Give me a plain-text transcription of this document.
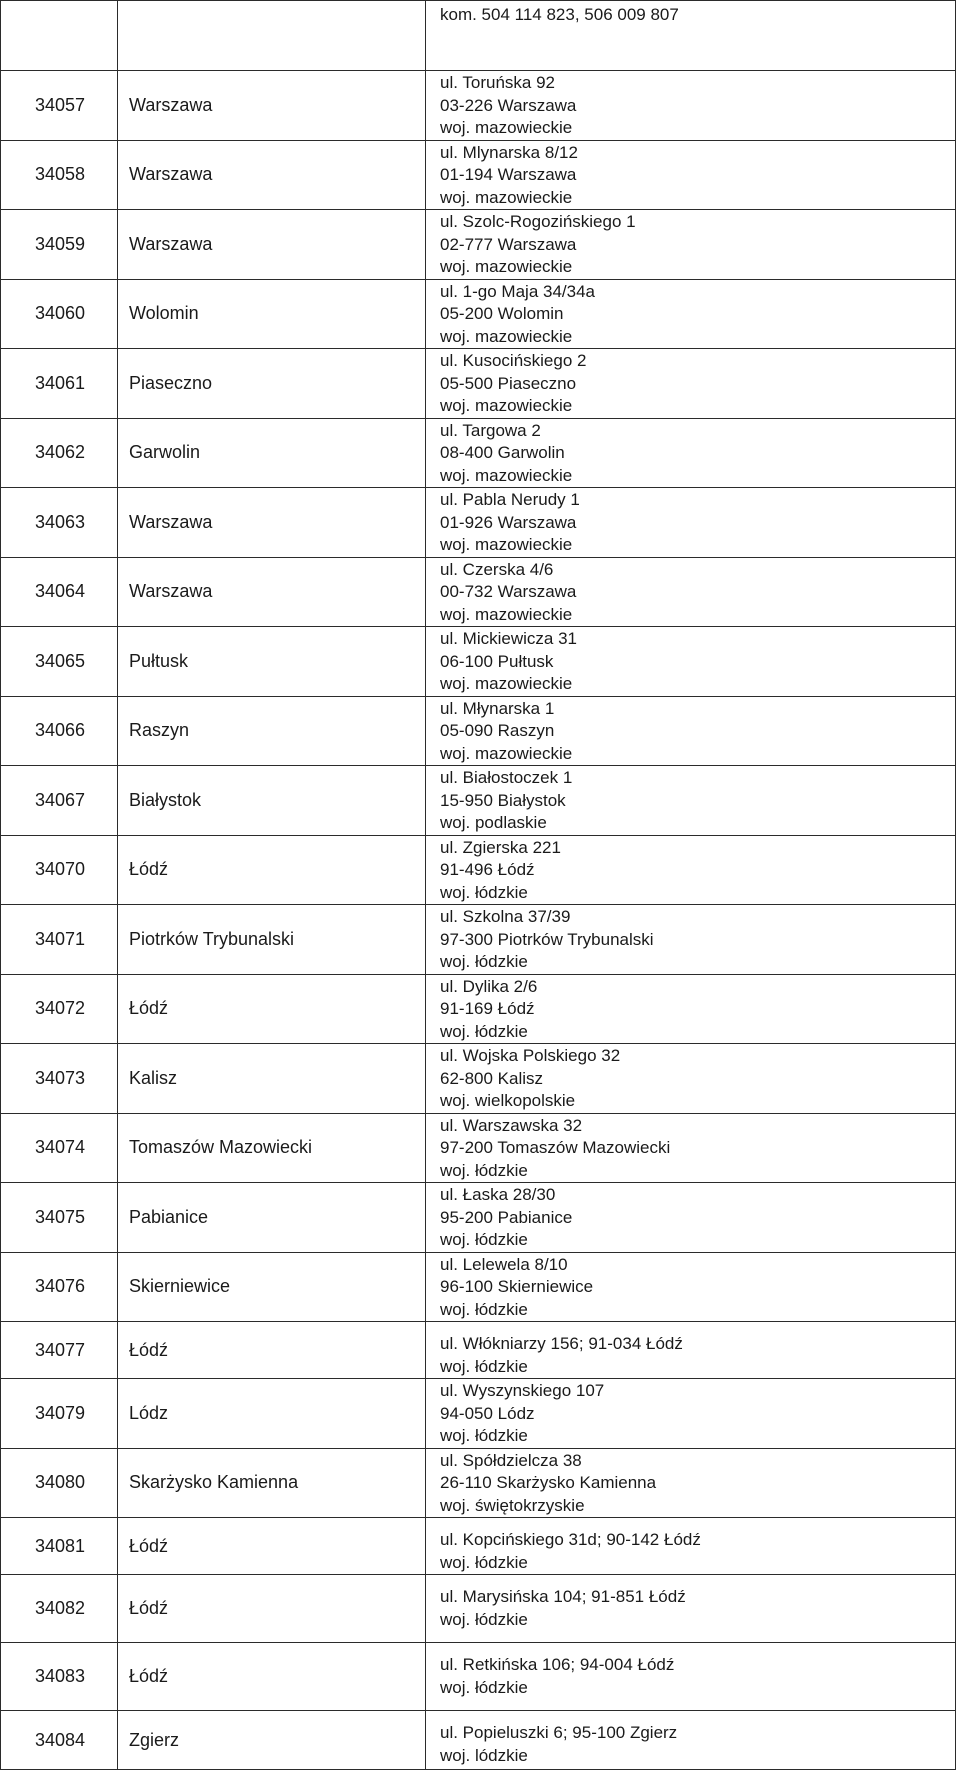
		kom. 504 114 823, 506 009 807

34057	Warszawa	ul. Toruńska 92
03-226 Warszawa
woj. mazowieckie

34058	Warszawa	ul. Mlynarska 8/12
01-194 Warszawa
woj. mazowieckie

34059	Warszawa	ul. Szolc-Rogozińskiego 1
02-777 Warszawa
woj. mazowieckie

34060	Wolomin	ul. 1-go Maja 34/34a
05-200 Wolomin
woj. mazowieckie

34061	Piaseczno	ul. Kusocińskiego 2
05-500 Piaseczno
woj. mazowieckie

34062	Garwolin	ul. Targowa 2
08-400 Garwolin
woj. mazowieckie

34063	Warszawa	ul. Pabla Nerudy 1
01-926 Warszawa
woj. mazowieckie

34064	Warszawa	ul. Czerska 4/6
00-732 Warszawa
woj. mazowieckie

34065	Pułtusk	ul. Mickiewicza 31
06-100 Pułtusk
woj. mazowieckie

34066	Raszyn	ul. Młynarska 1
05-090 Raszyn
woj. mazowieckie

34067	Białystok	ul. Białostoczek 1
15-950 Białystok
woj. podlaskie

34070	Łódź	ul. Zgierska 221
91-496 Łódź
woj. łódzkie

34071	Piotrków Trybunalski	ul. Szkolna 37/39
97-300 Piotrków Trybunalski
woj. łódzkie

34072	Łódź	ul. Dylika 2/6
91-169 Łódź
woj. łódzkie

34073	Kalisz	ul. Wojska Polskiego 32
62-800 Kalisz
woj. wielkopolskie

34074	Tomaszów Mazowiecki	ul. Warszawska 32
97-200 Tomaszów Mazowiecki
woj. łódzkie

34075	Pabianice	ul. Łaska 28/30
95-200 Pabianice
woj. łódzkie

34076	Skierniewice	ul. Lelewela 8/10
96-100 Skierniewice
woj. łódzkie

34077	Łódź	ul. Włókniarzy 156; 91-034 Łódź
woj. łódzkie

34079	Lódz	ul. Wyszynskiego 107
94-050 Lódz
woj. łódzkie

34080	Skarżysko Kamienna	ul. Spółdzielcza 38
26-110 Skarżysko Kamienna
woj. świętokrzyskie

34081	Łódź	ul. Kopcińskiego 31d; 90-142 Łódź
woj. łódzkie

34082	Łódź	ul. Marysińska 104; 91-851 Łódź
woj. łódzkie

34083	Łódź	ul. Retkińska 106; 94-004 Łódź
woj. łódzkie

34084	Zgierz	ul. Popieluszki 6; 95-100 Zgierz
woj. lódzkie
